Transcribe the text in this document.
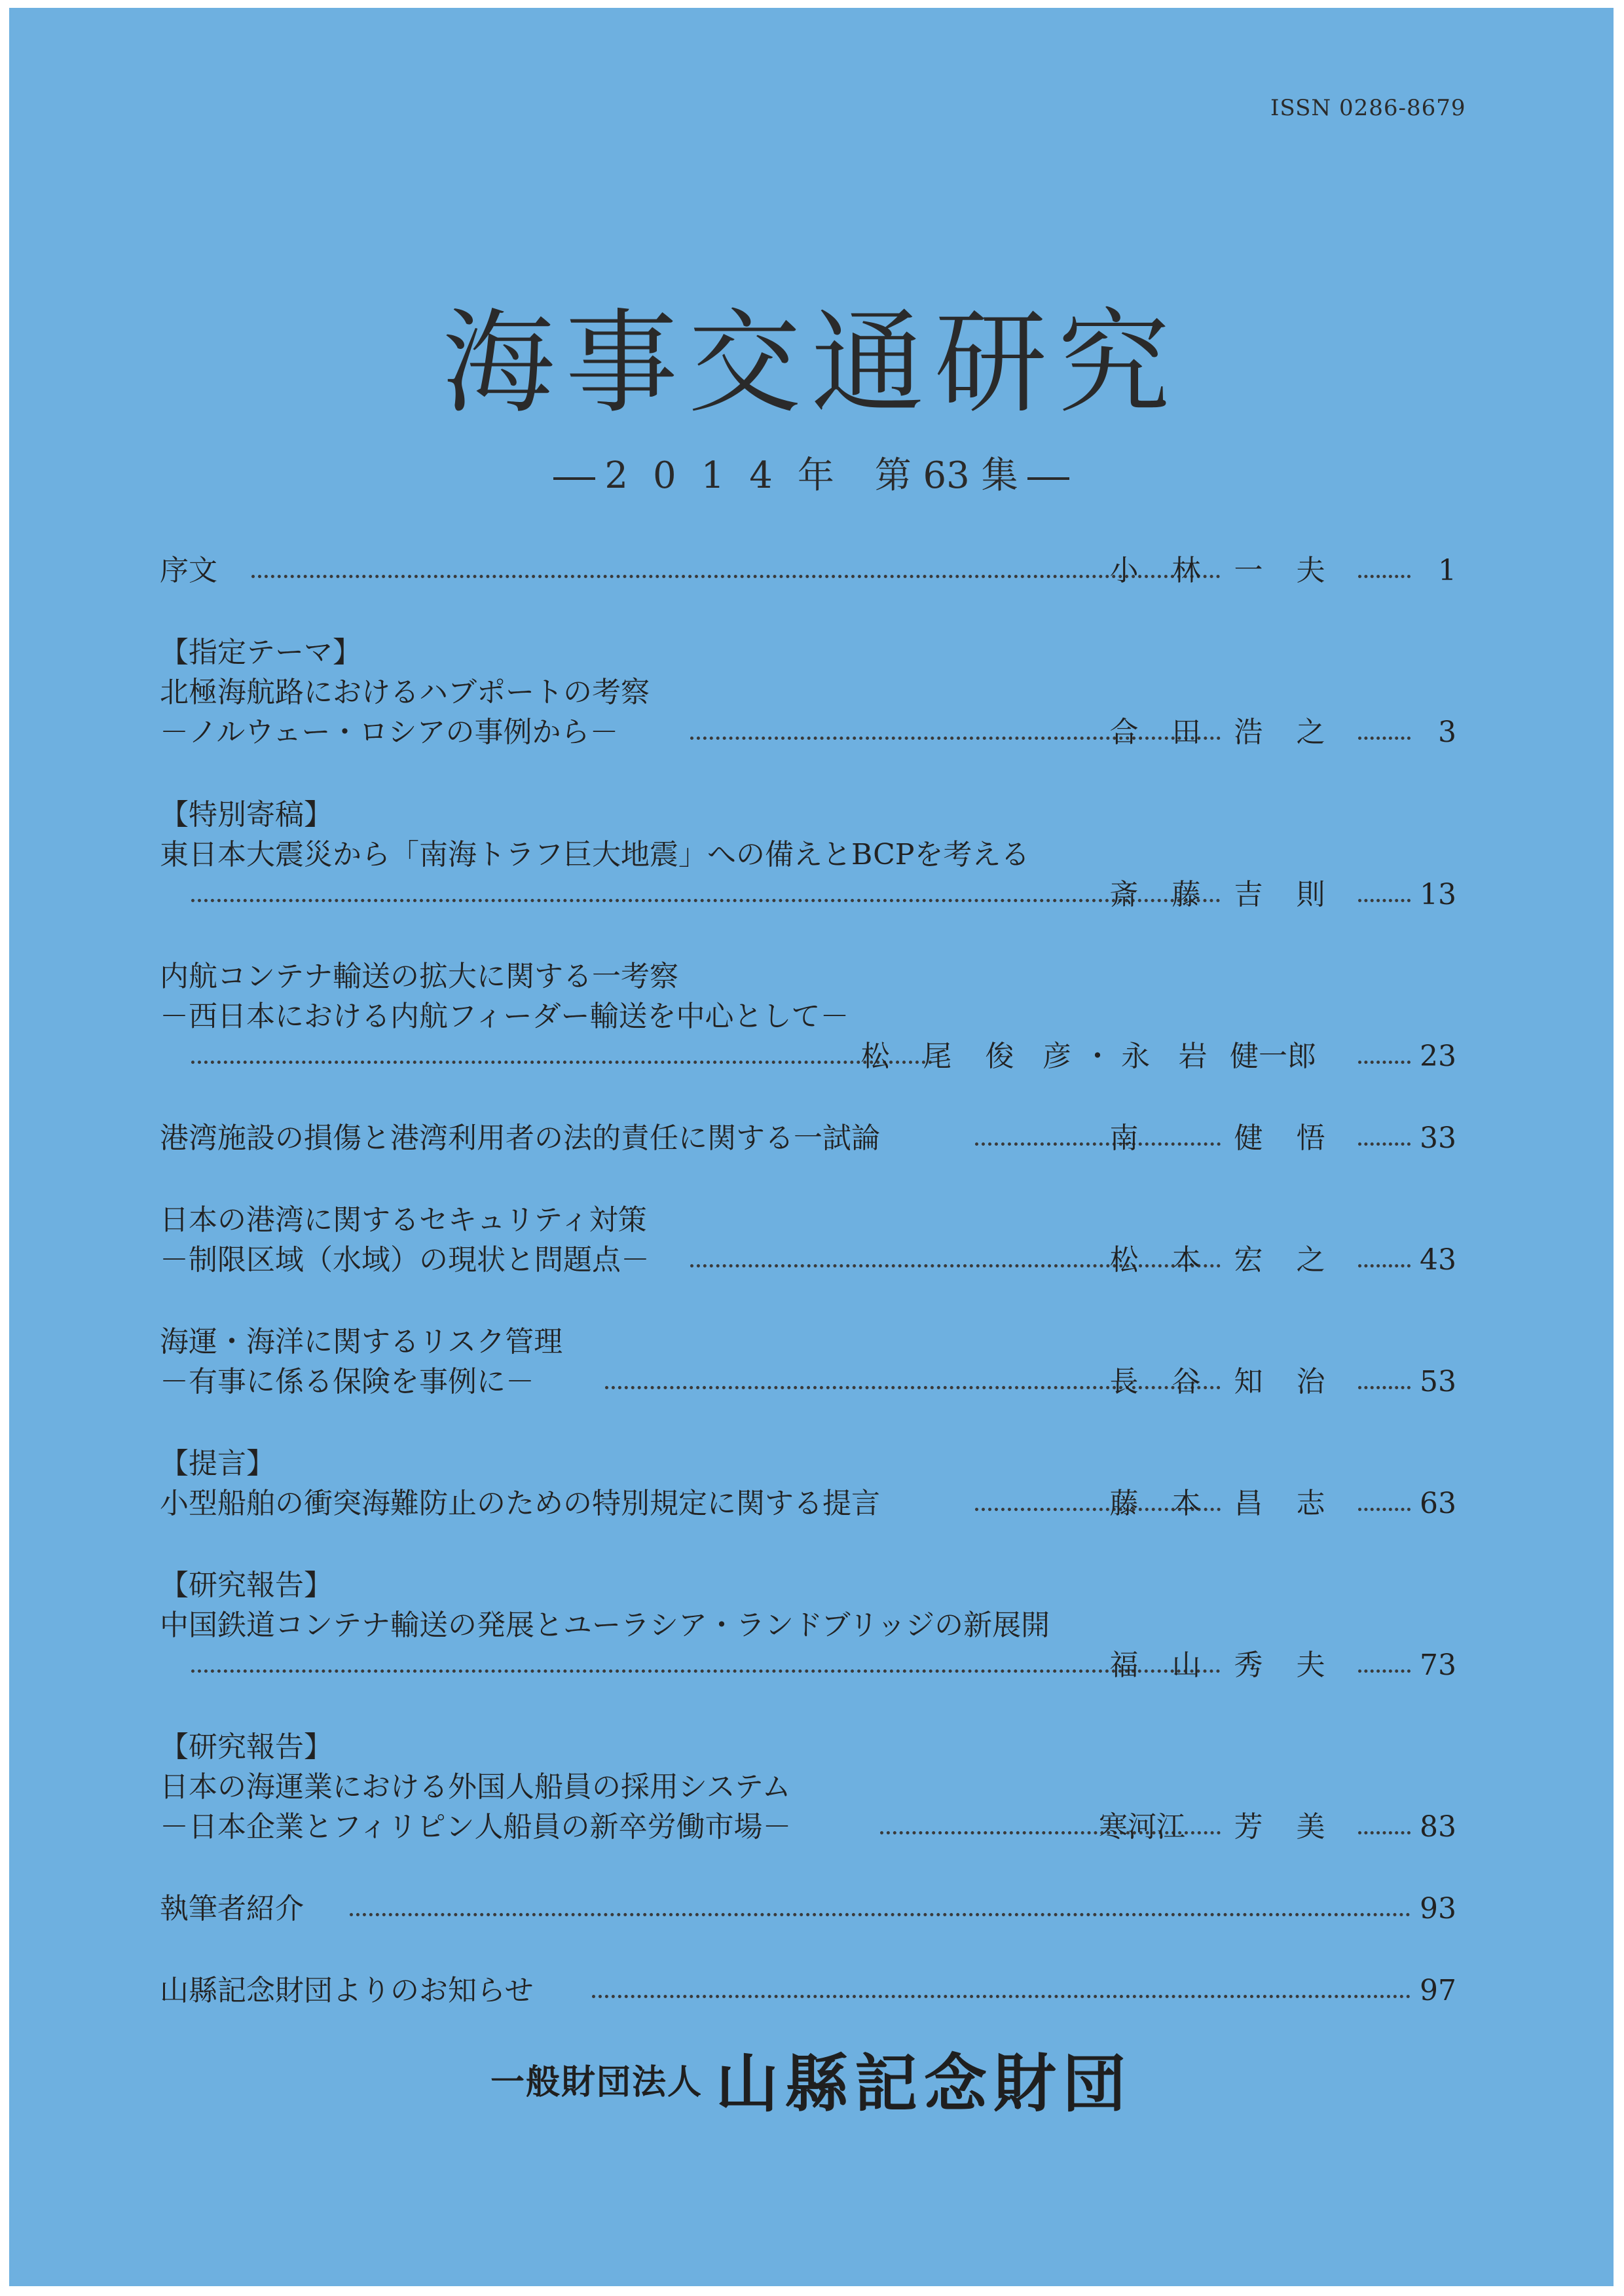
ISSN 0286-8679
海事交通研究
2014年 第 63 集
序文	小 林 一 夫	1
【指定テーマ】
北極海航路におけるハブポートの考察
－ノルウェー・ロシアの事例から－	合 田 浩 之	3
【特別寄稿】
東日本大震災から「南海トラフ巨大地震」への備えとBCPを考える
斎 藤 吉 則	13
内航コンテナ輸送の拡大に関する一考察
－西日本における内航フィーダー輸送を中心として－
松 尾 俊 彦 ・ 永 岩 健一郎	23
港湾施設の損傷と港湾利用者の法的責任に関する一試論	南	健 悟	33
日本の港湾に関するセキュリティ対策
－制限区域（水域）の現状と問題点－	松 本 宏 之	43
海運・海洋に関するリスク管理
－有事に係る保険を事例に－	長 谷 知 治	53
【提言】
小型船舶の衝突海難防止のための特別規定に関する提言	藤 本 昌 志	63
【研究報告】
中国鉄道コンテナ輸送の発展とユーラシア・ランドブリッジの新展開
福 山 秀 夫	73
【研究報告】
日本の海運業における外国人船員の採用システム
－日本企業とフィリピン人船員の新卒労働市場－	寒河江 芳 美	83
執筆者紹介	93
山縣記念財団よりのお知らせ	97
一般財団法人 山縣記念財団
